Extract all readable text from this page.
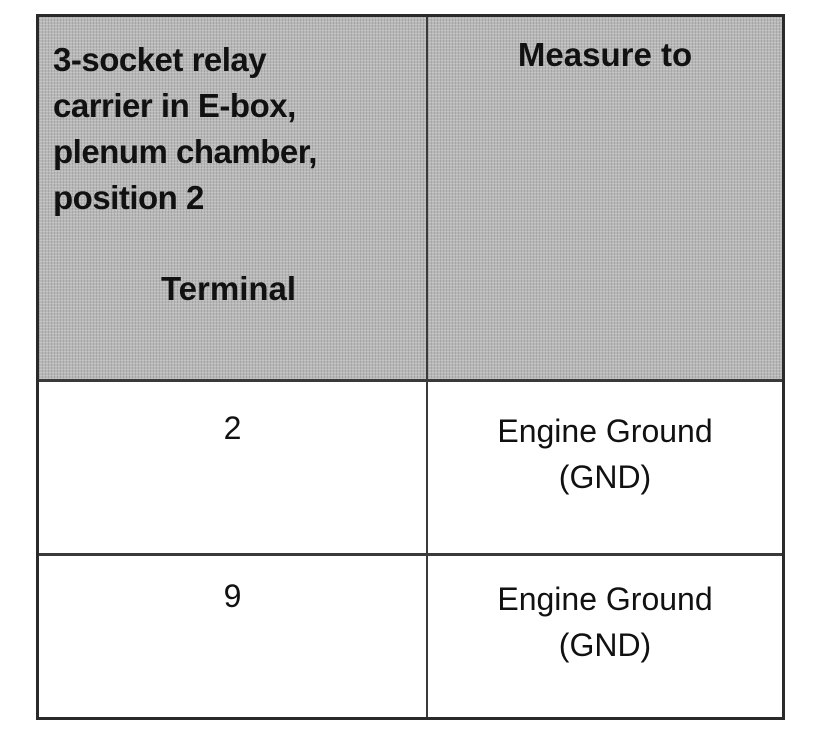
3-socket relay
carrier in E-box,
plenum chamber,
position 2
Terminal
Measure to
2	Engine Ground
(GND)
9	Engine Ground
(GND)
